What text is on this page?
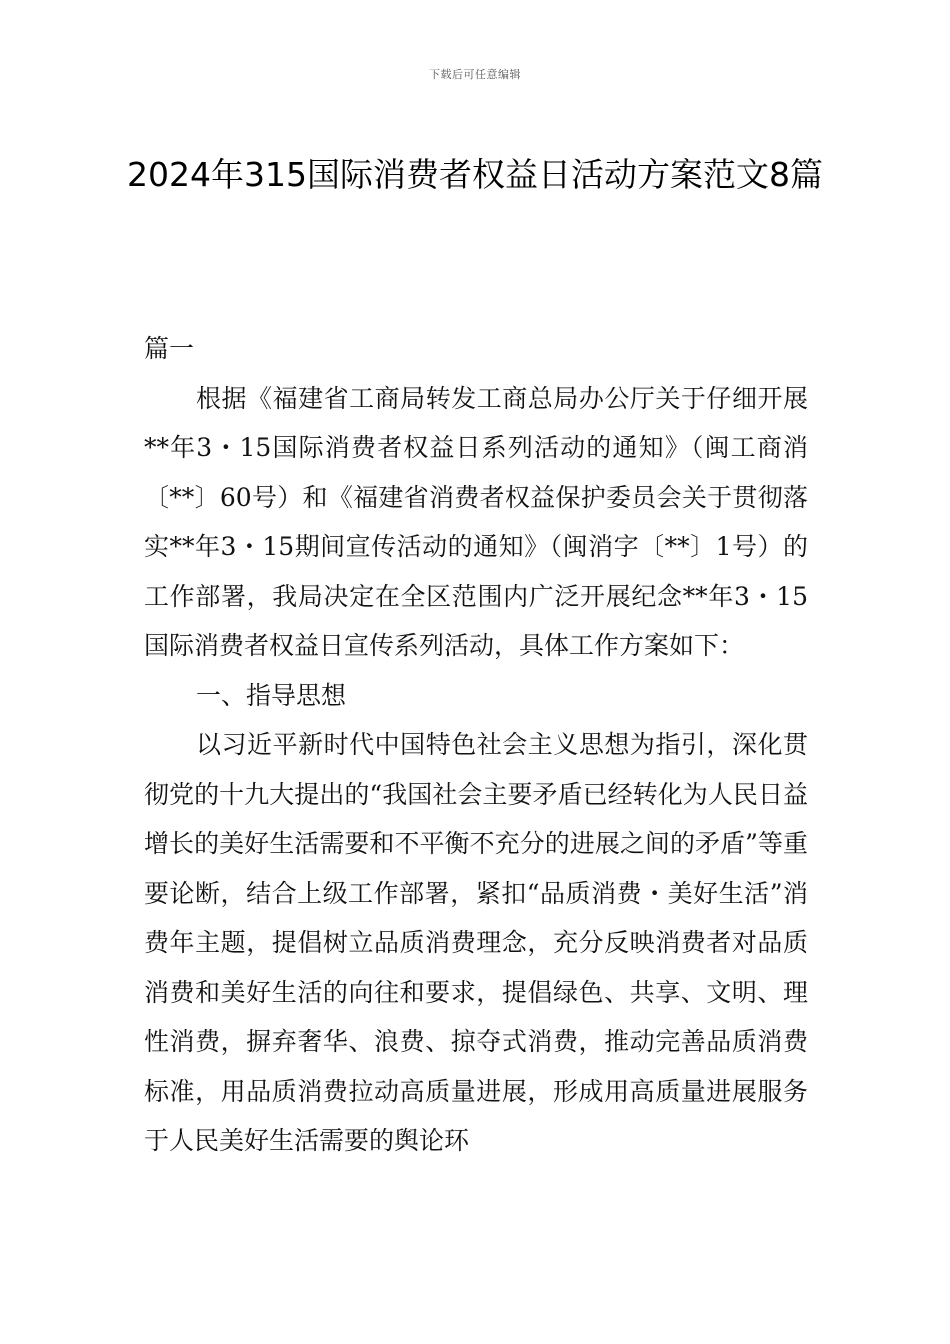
下载后可任意编辑
2024年315国际消费者权益日活动方案范文8篇

篇一

根据《福建省工商局转发工商总局办公厅关于仔细开展**年3・15国际消费者权益日系列活动的通知》（闽工商消〔**〕60号）和《福建省消费者权益保护委员会关于贯彻落实**年3・15期间宣传活动的通知》（闽消字〔**〕1号）的工作部署，我局决定在全区范围内广泛开展纪念**年3・15国际消费者权益日宣传系列活动，具体工作方案如下：

一、指导思想

以习近平新时代中国特色社会主义思想为指引，深化贯彻党的十九大提出的“我国社会主要矛盾已经转化为人民日益增长的美好生活需要和不平衡不充分的进展之间的矛盾”等重要论断，结合上级工作部署，紧扣“品质消费・美好生活”消费年主题，提倡树立品质消费理念，充分反映消费者对品质消费和美好生活的向往和要求，提倡绿色、共享、文明、理性消费，摒弃奢华、浪费、掠夺式消费，推动完善品质消费标准，用品质消费拉动高质量进展，形成用高质量进展服务于人民美好生活需要的舆论环
